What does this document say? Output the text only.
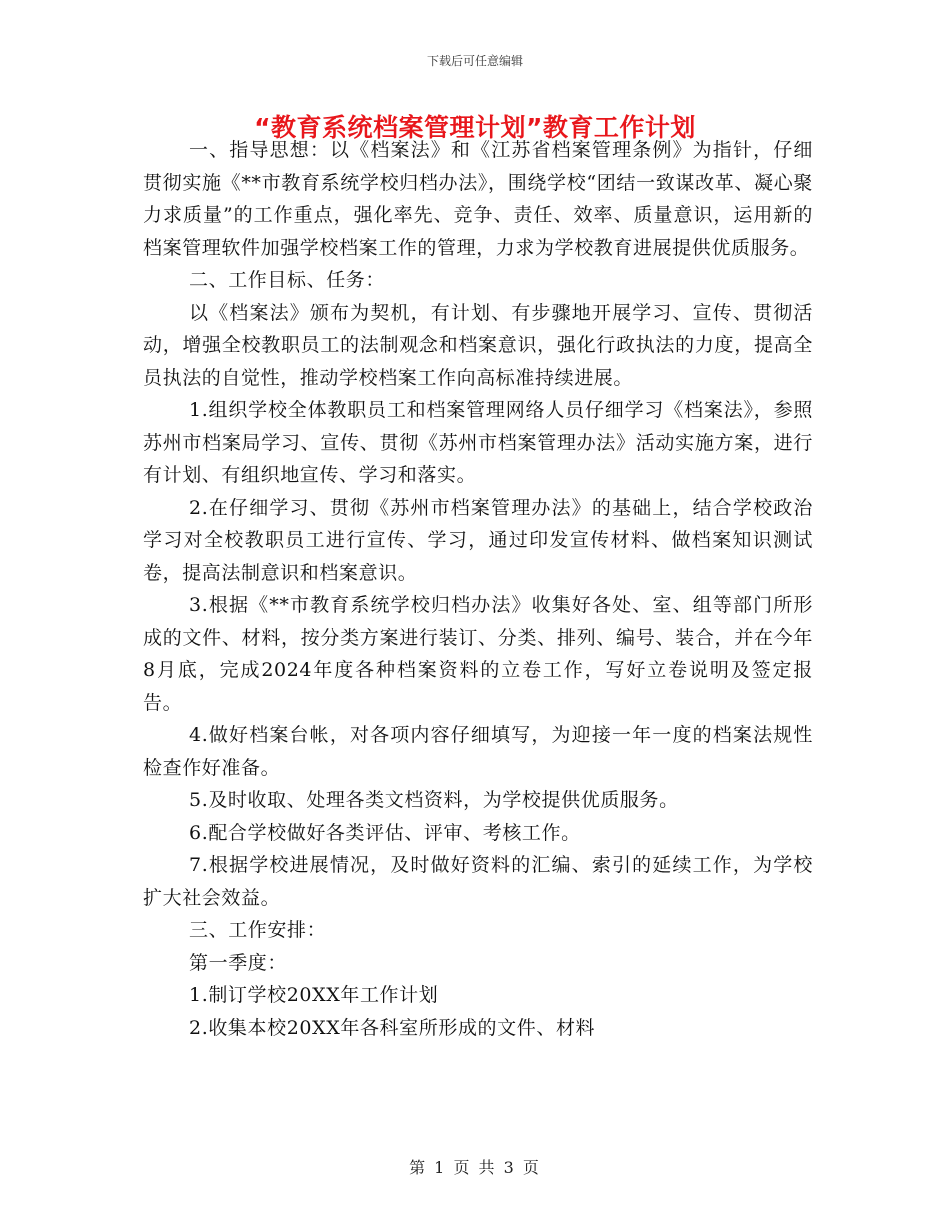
下载后可任意编辑
“教育系统档案管理计划”教育工作计划

一、指导思想：以《档案法》和《江苏省档案管理条例》为指针，仔细贯彻实施《**市教育系统学校归档办法》，围绕学校“团结一致谋改革、凝心聚力求质量”的工作重点，强化率先、竞争、责任、效率、质量意识，运用新的档案管理软件加强学校档案工作的管理，力求为学校教育进展提供优质服务。

二、工作目标、任务：

以《档案法》颁布为契机，有计划、有步骤地开展学习、宣传、贯彻活动，增强全校教职员工的法制观念和档案意识，强化行政执法的力度，提高全员执法的自觉性，推动学校档案工作向高标准持续进展。

1.组织学校全体教职员工和档案管理网络人员仔细学习《档案法》，参照苏州市档案局学习、宣传、贯彻《苏州市档案管理办法》活动实施方案，进行有计划、有组织地宣传、学习和落实。

2.在仔细学习、贯彻《苏州市档案管理办法》的基础上，结合学校政治学习对全校教职员工进行宣传、学习，通过印发宣传材料、做档案知识测试卷，提高法制意识和档案意识。

3.根据《**市教育系统学校归档办法》收集好各处、室、组等部门所形成的文件、材料，按分类方案进行装订、分类、排列、编号、装合，并在今年8月底，完成2024年度各种档案资料的立卷工作，写好立卷说明及签定报告。

4.做好档案台帐，对各项内容仔细填写，为迎接一年一度的档案法规性检查作好准备。

5.及时收取、处理各类文档资料，为学校提供优质服务。

6.配合学校做好各类评估、评审、考核工作。

7.根据学校进展情况，及时做好资料的汇编、索引的延续工作，为学校扩大社会效益。

三、工作安排：

第一季度：

1.制订学校20XX年工作计划

2.收集本校20XX年各科室所形成的文件、材料

第 1 页 共 3 页
